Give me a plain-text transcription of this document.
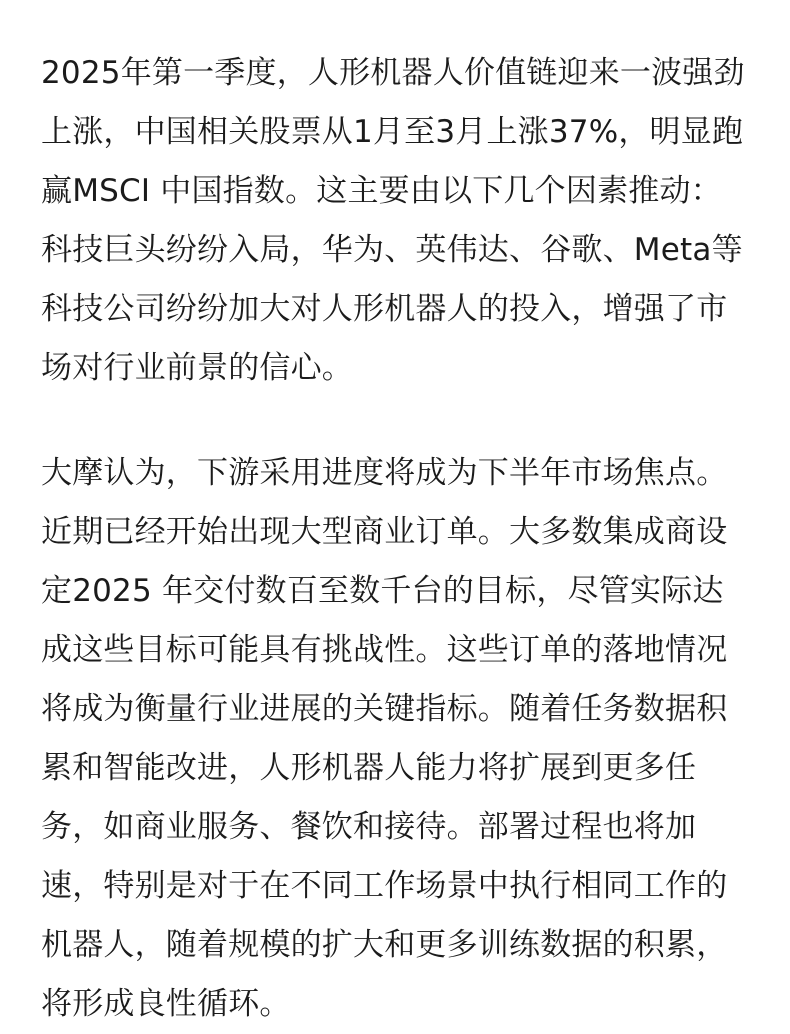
2025年第一季度，人形机器人价值链迎来一波强劲上涨，中国相关股票从1月至3月上涨37%，明显跑赢MSCI 中国指数。这主要由以下几个因素推动：科技巨头纷纷入局，华为、英伟达、谷歌、Meta等科技公司纷纷加大对人形机器人的投入，增强了市场对行业前景的信心。

大摩认为，下游采用进度将成为下半年市场焦点。近期已经开始出现大型商业订单。大多数集成商设定2025 年交付数百至数千台的目标，尽管实际达成这些目标可能具有挑战性。这些订单的落地情况将成为衡量行业进展的关键指标。随着任务数据积累和智能改进，人形机器人能力将扩展到更多任务，如商业服务、餐饮和接待。部署过程也将加速，特别是对于在不同工作场景中执行相同工作的机器人，随着规模的扩大和更多训练数据的积累，将形成良性循环。
